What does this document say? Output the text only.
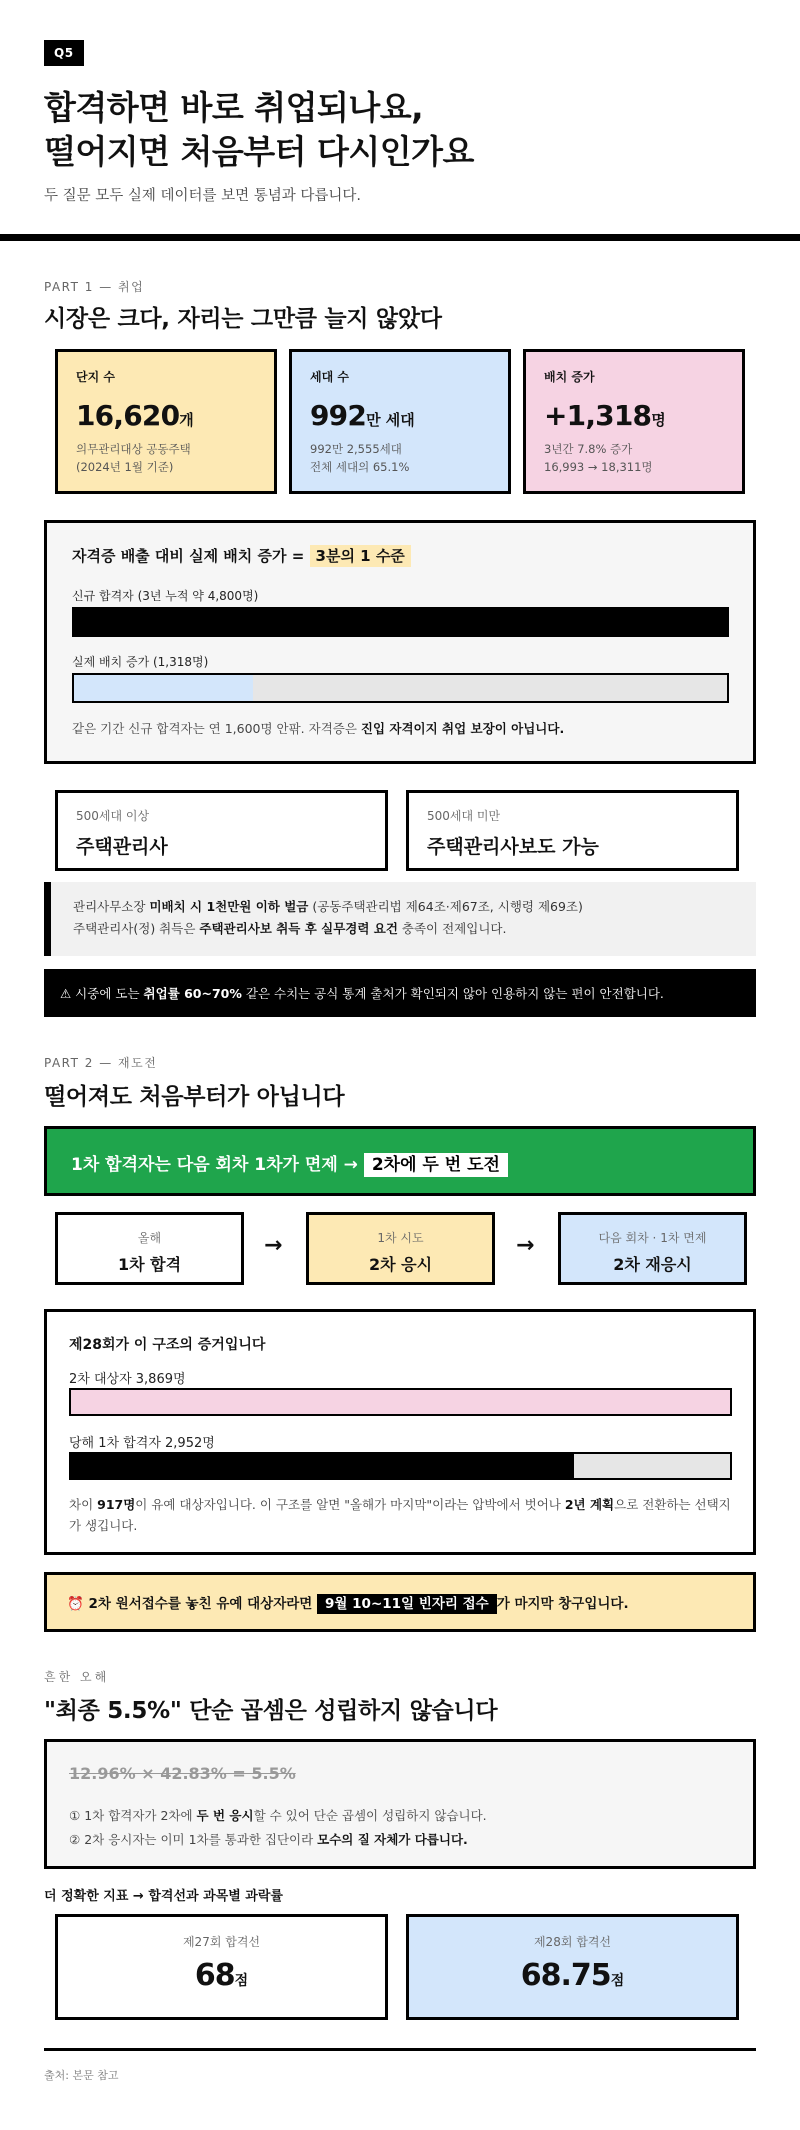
Q5
합격하면 바로 취업되나요,
떨어지면 처음부터 다시인가요
두 질문 모두 실제 데이터를 보면 통념과 다릅니다.
PART 1 — 취업
시장은 크다, 자리는 그만큼 늘지 않았다
단지 수
16,620개
의무관리대상 공동주택
(2024년 1월 기준)
세대 수
992만 세대
992만 2,555세대
전체 세대의 65.1%
배치 증가
+1,318명
3년간 7.8% 증가
16,993 → 18,311명
자격증 배출 대비 실제 배치 증가 = 3분의 1 수준
신규 합격자 (3년 누적 약 4,800명)
실제 배치 증가 (1,318명)
같은 기간 신규 합격자는 연 1,600명 안팎. 자격증은 진입 자격이지 취업 보장이 아닙니다.
500세대 이상
주택관리사
500세대 미만
주택관리사보도 가능
관리사무소장 미배치 시 1천만원 이하 벌금 (공동주택관리법 제64조·제67조, 시행령 제69조)
주택관리사(정) 취득은 주택관리사보 취득 후 실무경력 요건 충족이 전제입니다.
⚠ 시중에 도는 취업률 60~70% 같은 수치는 공식 통계 출처가 확인되지 않아 인용하지 않는 편이 안전합니다.
PART 2 — 재도전
떨어져도 처음부터가 아닙니다
1차 합격자는 다음 회차 1차가 면제 → 2차에 두 번 도전
올해
1차 합격
→	1차 시도
2차 응시
→	다음 회차 · 1차 면제
2차 재응시
제28회가 이 구조의 증거입니다
2차 대상자 3,869명
당해 1차 합격자 2,952명
차이 917명이 유예 대상자입니다. 이 구조를 알면 "올해가 마지막"이라는 압박에서 벗어나 2년 계획으로 전환하는 선택지가 생깁니다.
⏰ 2차 원서접수를 놓친 유예 대상자라면 9월 10~11일 빈자리 접수 가 마지막 창구입니다.
흔한 오해
"최종 5.5%" 단순 곱셈은 성립하지 않습니다
12.96% × 42.83% = 5.5%
① 1차 합격자가 2차에 두 번 응시할 수 있어 단순 곱셈이 성립하지 않습니다.
② 2차 응시자는 이미 1차를 통과한 집단이라 모수의 질 자체가 다릅니다.
더 정확한 지표 → 합격선과 과목별 과락률
제27회 합격선
68점
제28회 합격선
68.75점
출처: 본문 참고
